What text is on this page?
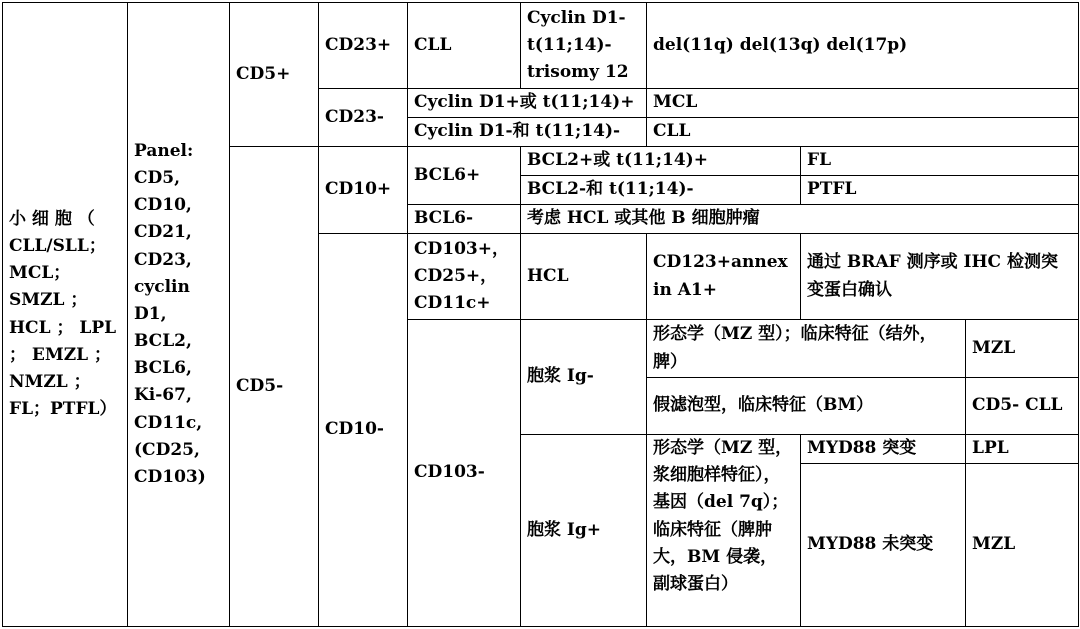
小 细 胞 （ CLL/SLL；MCL；SMZL ； HCL ； LPL ； EMZL ； NMZL ； FL；PTFL）	Panel: CD5, CD10, CD21, CD23, cyclin D1, BCL2, BCL6, Ki-67, CD11c, (CD25, CD103)	CD5+	CD23+	CLL	Cyclin D1- t(11;14)- trisomy 12	del(11q) del(13q) del(17p)		
			CD23-	Cyclin D1+或 t(11;14)+		MCL		
				Cyclin D1-和 t(11;14)-		CLL		
		CD5-	CD10+	BCL6+	BCL2+或 t(11;14)+		FL	
					BCL2-和 t(11;14)-		PTFL	
				BCL6-	考虑 HCL 或其他 B 细胞肿瘤			
			CD10-	CD103+，CD25+，CD11c+	HCL	CD123+annexin A1+	通过 BRAF 测序或 IHC 检测突变蛋白确认	
				CD103-	胞浆 Ig-	形态学（MZ 型）；临床特征（结外，脾）		MZL
						假滤泡型，临床特征（BM）		CD5- CLL
					胞浆 Ig+	形态学（MZ 型，浆细胞样特征），基因（del 7q）；临床特征（脾肿大，BM 侵袭，副球蛋白）	MYD88 突变	LPL
							MYD88 未突变	MZL
